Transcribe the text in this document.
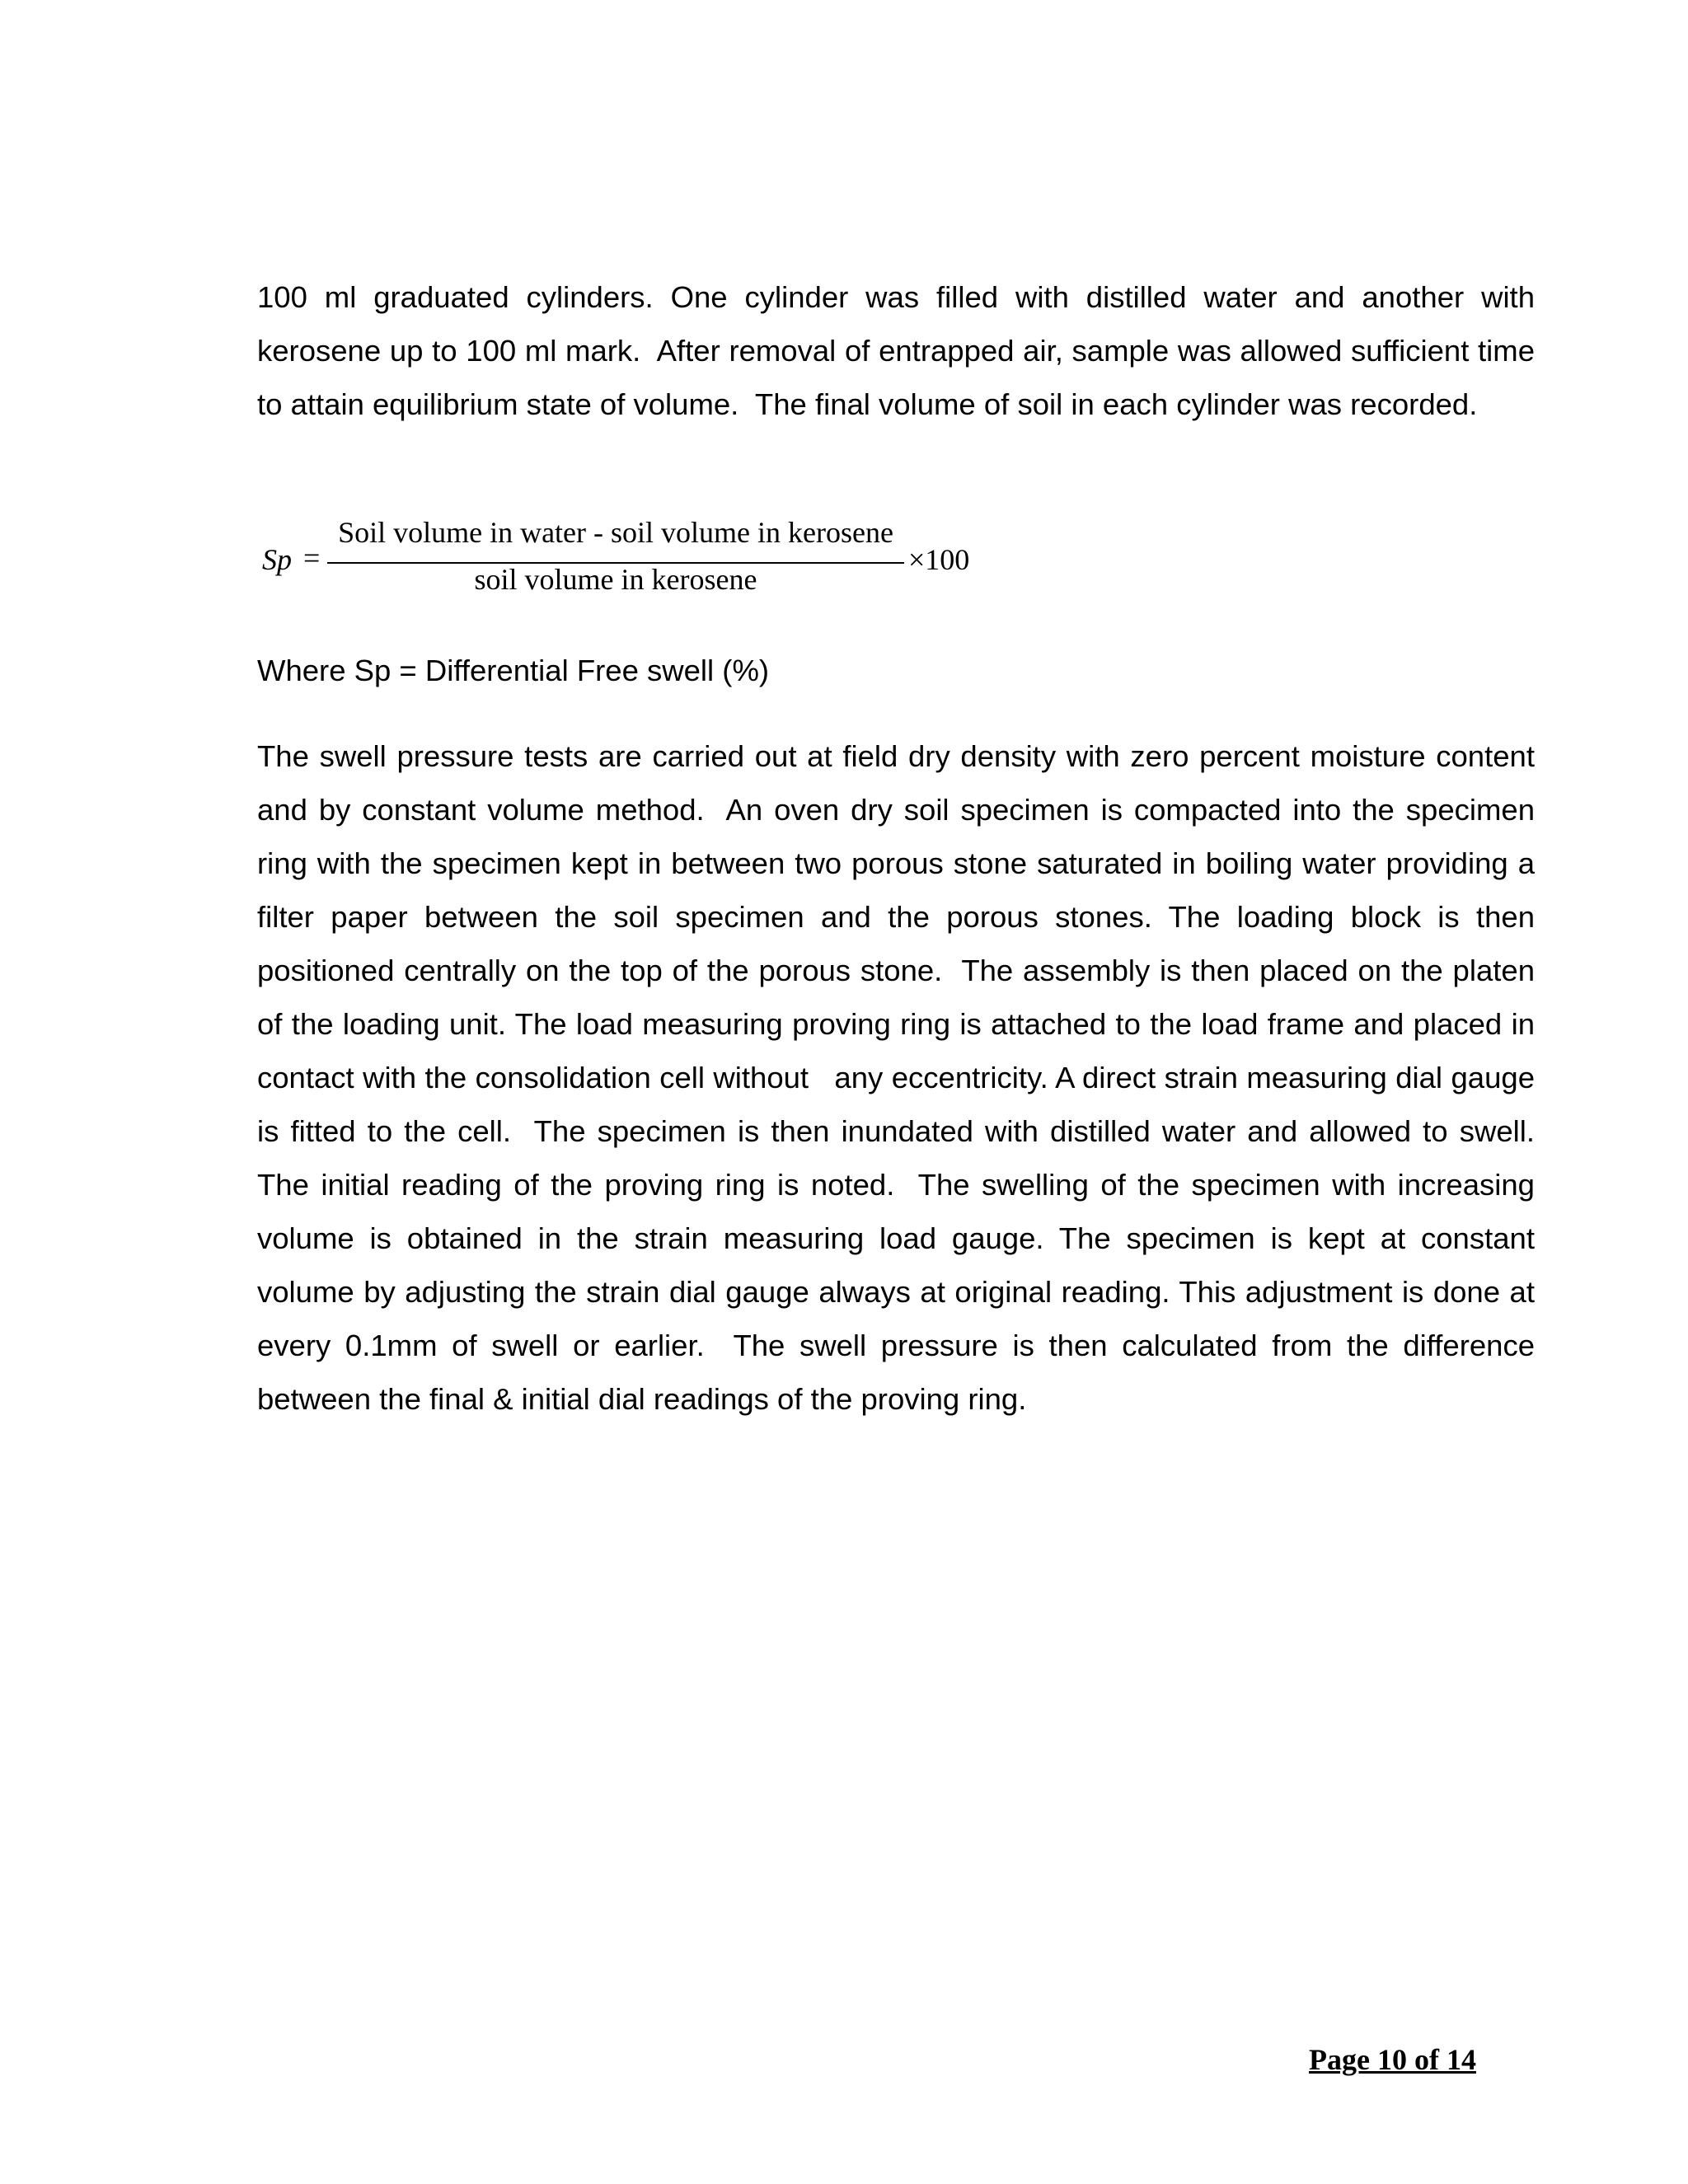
100 ml graduated cylinders. One cylinder was filled with distilled water and another with kerosene up to 100 ml mark.  After removal of entrapped air, sample was allowed sufficient time to attain equilibrium state of volume.  The final volume of soil in each cylinder was recorded.

Sp =
Soil volume in water - soil volume in kerosene
soil volume in kerosene
×100

Where Sp = Differential Free swell (%)

The swell pressure tests are carried out at field dry density with zero percent moisture content and by constant volume method.  An oven dry soil specimen is compacted into the specimen ring with the specimen kept in between two porous stone saturated in boiling water providing a filter paper between the soil specimen and the porous stones. The loading block is then positioned centrally on the top of the porous stone.  The assembly is then placed on the platen   of the loading unit. The load measuring proving ring is attached to the load frame and placed in contact with the consolidation cell without   any eccentricity. A direct strain measuring dial gauge is fitted to the cell.  The specimen is then inundated with distilled water and allowed to swell.  The initial reading of the proving ring is noted.  The swelling of the specimen with increasing volume is obtained in the strain measuring load gauge. The specimen is kept at constant volume by adjusting the strain dial gauge always at original reading. This adjustment is done at every 0.1mm of swell or earlier.  The swell pressure is then calculated from the difference between the final & initial dial readings of the proving ring.

Page 10 of 14
